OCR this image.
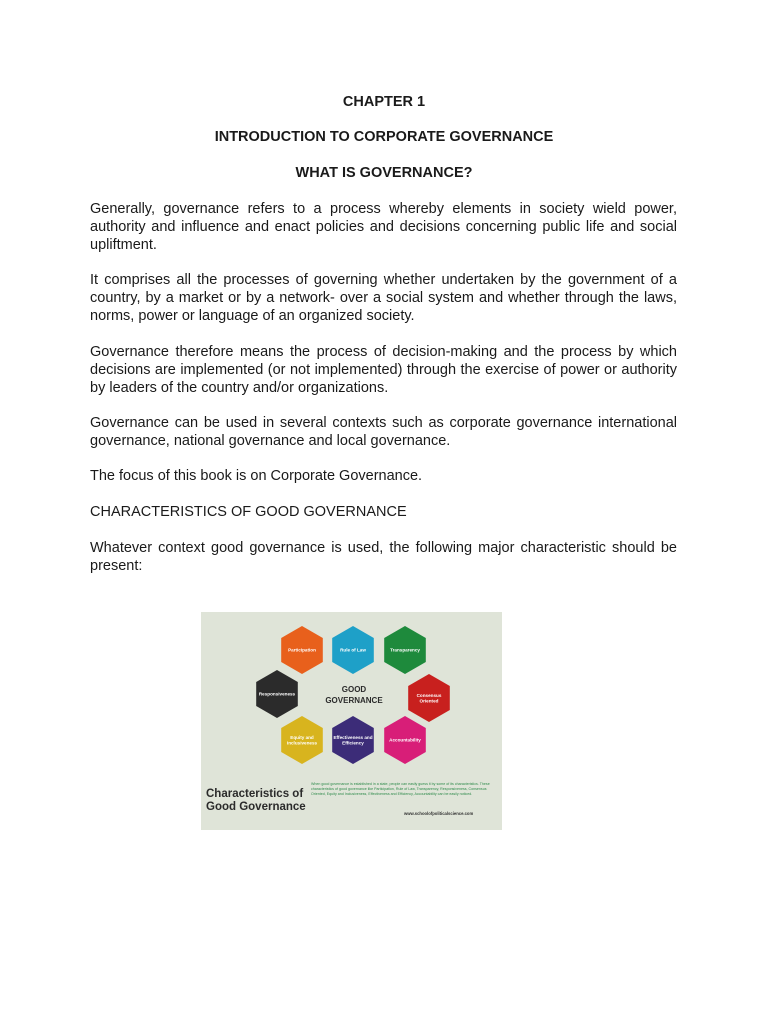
CHAPTER 1
INTRODUCTION TO CORPORATE GOVERNANCE
WHAT IS GOVERNANCE?

Generally, governance refers to a process whereby elements in society wield power, authority and influence and enact policies and decisions concerning public life and social upliftment.

It comprises all the processes of governing whether undertaken by the government of a country, by a market or by a network- over a social system and whether through the laws, norms, power or language of an organized society.

Governance therefore means the process of decision-making and the process by which decisions are implemented (or not implemented) through the exercise of power or authority by leaders of the country and/or organizations.

Governance can be used in several contexts such as corporate governance international governance, national governance and local governance.

The focus of this book is on Corporate Governance.

CHARACTERISTICS OF GOOD GOVERNANCE

Whatever context good governance is used, the following major characteristic should be present:

Participation	Rule of Law	Transparency
Responsiveness	Consensus
Oriented
Equity and
Inclusiveness
Effectiveness and
Efficiency
Accountability
GOOD
GOVERNANCE
Characteristics of
Good Governance
When good governance is established in a state, people can easily guess it by some of its characteristics. These characteristics of good governance like Participation, Rule of Law, Transparency, Responsiveness, Consensus Oriented, Equity and Inclusiveness, Effectiveness and Efficiency, Accountability can be easily noticed.
www.schoolofpoliticalscience.com
